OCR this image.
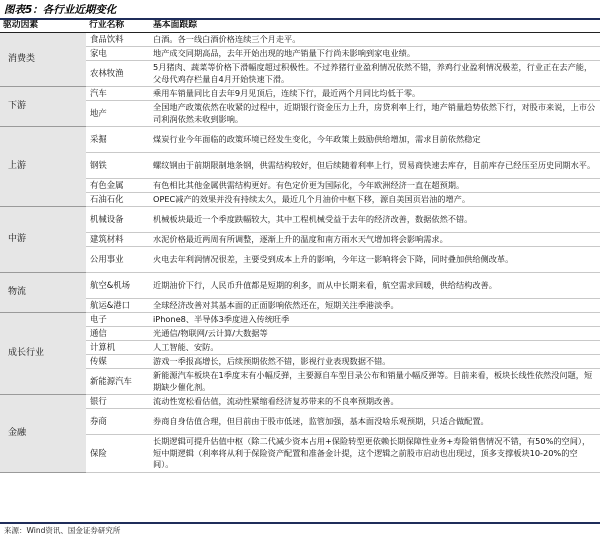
图表5：各行业近期变化
驱动因素	行业名称	基本面跟踪
消费类	食品饮料	白酒。各一线白酒价格连续三个月走平。
	家电	地产成交同期高品，去年开始出现的地产销量下行尚未影响到家电业绩。
	农林牧渔	5月猪肉、蔬菜等价格下滑幅度超过积极性。不过养猪行业盈利情况依然不错，养鸡行业盈利情况极差，行业正在去产能，父母代鸡存栏量自4月开始快速下滑。
下游	汽车	乘用车销量同比自去年9月见顶后，连续下行，最近两个月同比均低于零。
	地产	全国地产政策依然在收紧的过程中，近期银行资金压力上升，房贷利率上行，地产销量趋势依然下行，对股市来说，上市公司利润依然未收到影响。
上游	采掘	煤炭行业今年面临的政策环境已经发生变化，今年政策上鼓励供给增加，需求目前依然稳定
	钢铁	螺纹钢由于前期限制地条钢，供需结构较好，但后续随着利率上行，贸易商快速去库存，目前库存已经压至历史同期水平。
	有色金属	有色相比其他金属供需结构更好。有色定价更为国际化，今年欧洲经济一直在超预期。
	石油石化	OPEC减产的效果并没有持续太久，最近几个月油价中枢下移，源自美国页岩油的增产。
中游	机械设备	机械板块最近一个季度跌幅较大，其中工程机械受益于去年的经济改善，数据依然不错。
	建筑材料	水泥价格最近两周有所调整，逐渐上升的温度和南方雨水天气增加将会影响需求。
	公用事业	火电去年利润情况很差，主要受到成本上升的影响，今年这一影响将会下降，同时叠加供给侧改革。
物流	航空&机场	近期油价下行，人民币升值都是短期的利多，而从中长期来看，航空需求回暖，供给结构改善。
	航运&港口	全球经济改善对其基本面的正面影响依然还在，短期关注季港淡季。
成长行业	电子	iPhone8、半导体3季度进入传统旺季
	通信	光通信/物联网/云计算/大数据等
	计算机	人工智能、安防。
	传媒	游戏一季报高增长，后续预期依然不错，影视行业表现数据不错。
	新能源汽车	新能源汽车板块在1季度末有小幅反弹，主要源自车型目录公布和销量小幅反弹等。目前来看，板块长线性依然没问题，短期缺少催化剂。
金融	银行	流动性宽松看估值，流动性紧缩看经济复苏带来的不良率预期改善。
	券商	券商自身估值合理，但目前由于股市低迷，监管加强，基本面没啥乐观预期，只适合做配置。
	保险	长期逻辑可提升估值中枢（除二代减少资本占用+保险转型更依赖长期保障性业务+寿险销售情况不错，有50%的空间），短中期逻辑（利率将从利于保险资产配置和准备金计提，这个逻辑之前股市启动也出现过，顶多支撑板块10-20%的空间）。
来源：Wind资讯、国金证券研究所
